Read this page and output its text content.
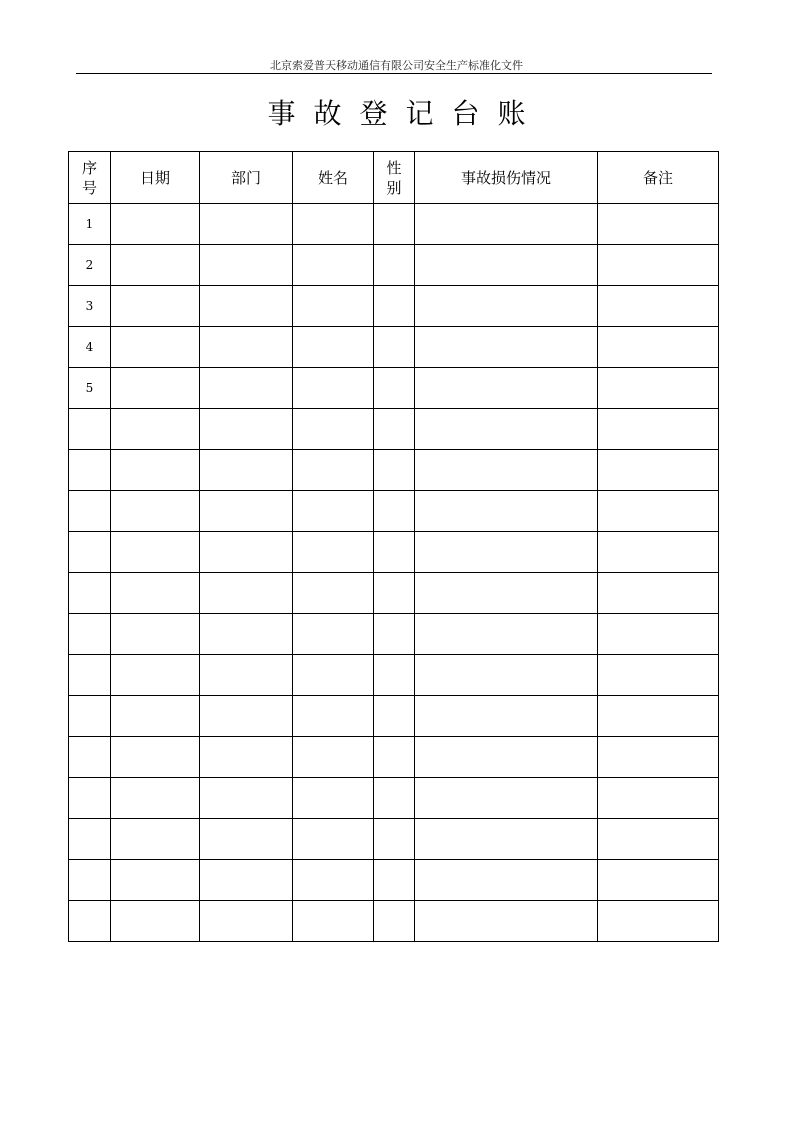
北京索爱普天移动通信有限公司安全生产标准化文件
事故登记台账
序号	日期	部门	姓名	性别	事故损伤情况	备注
1						
2						
3						
4						
5						
